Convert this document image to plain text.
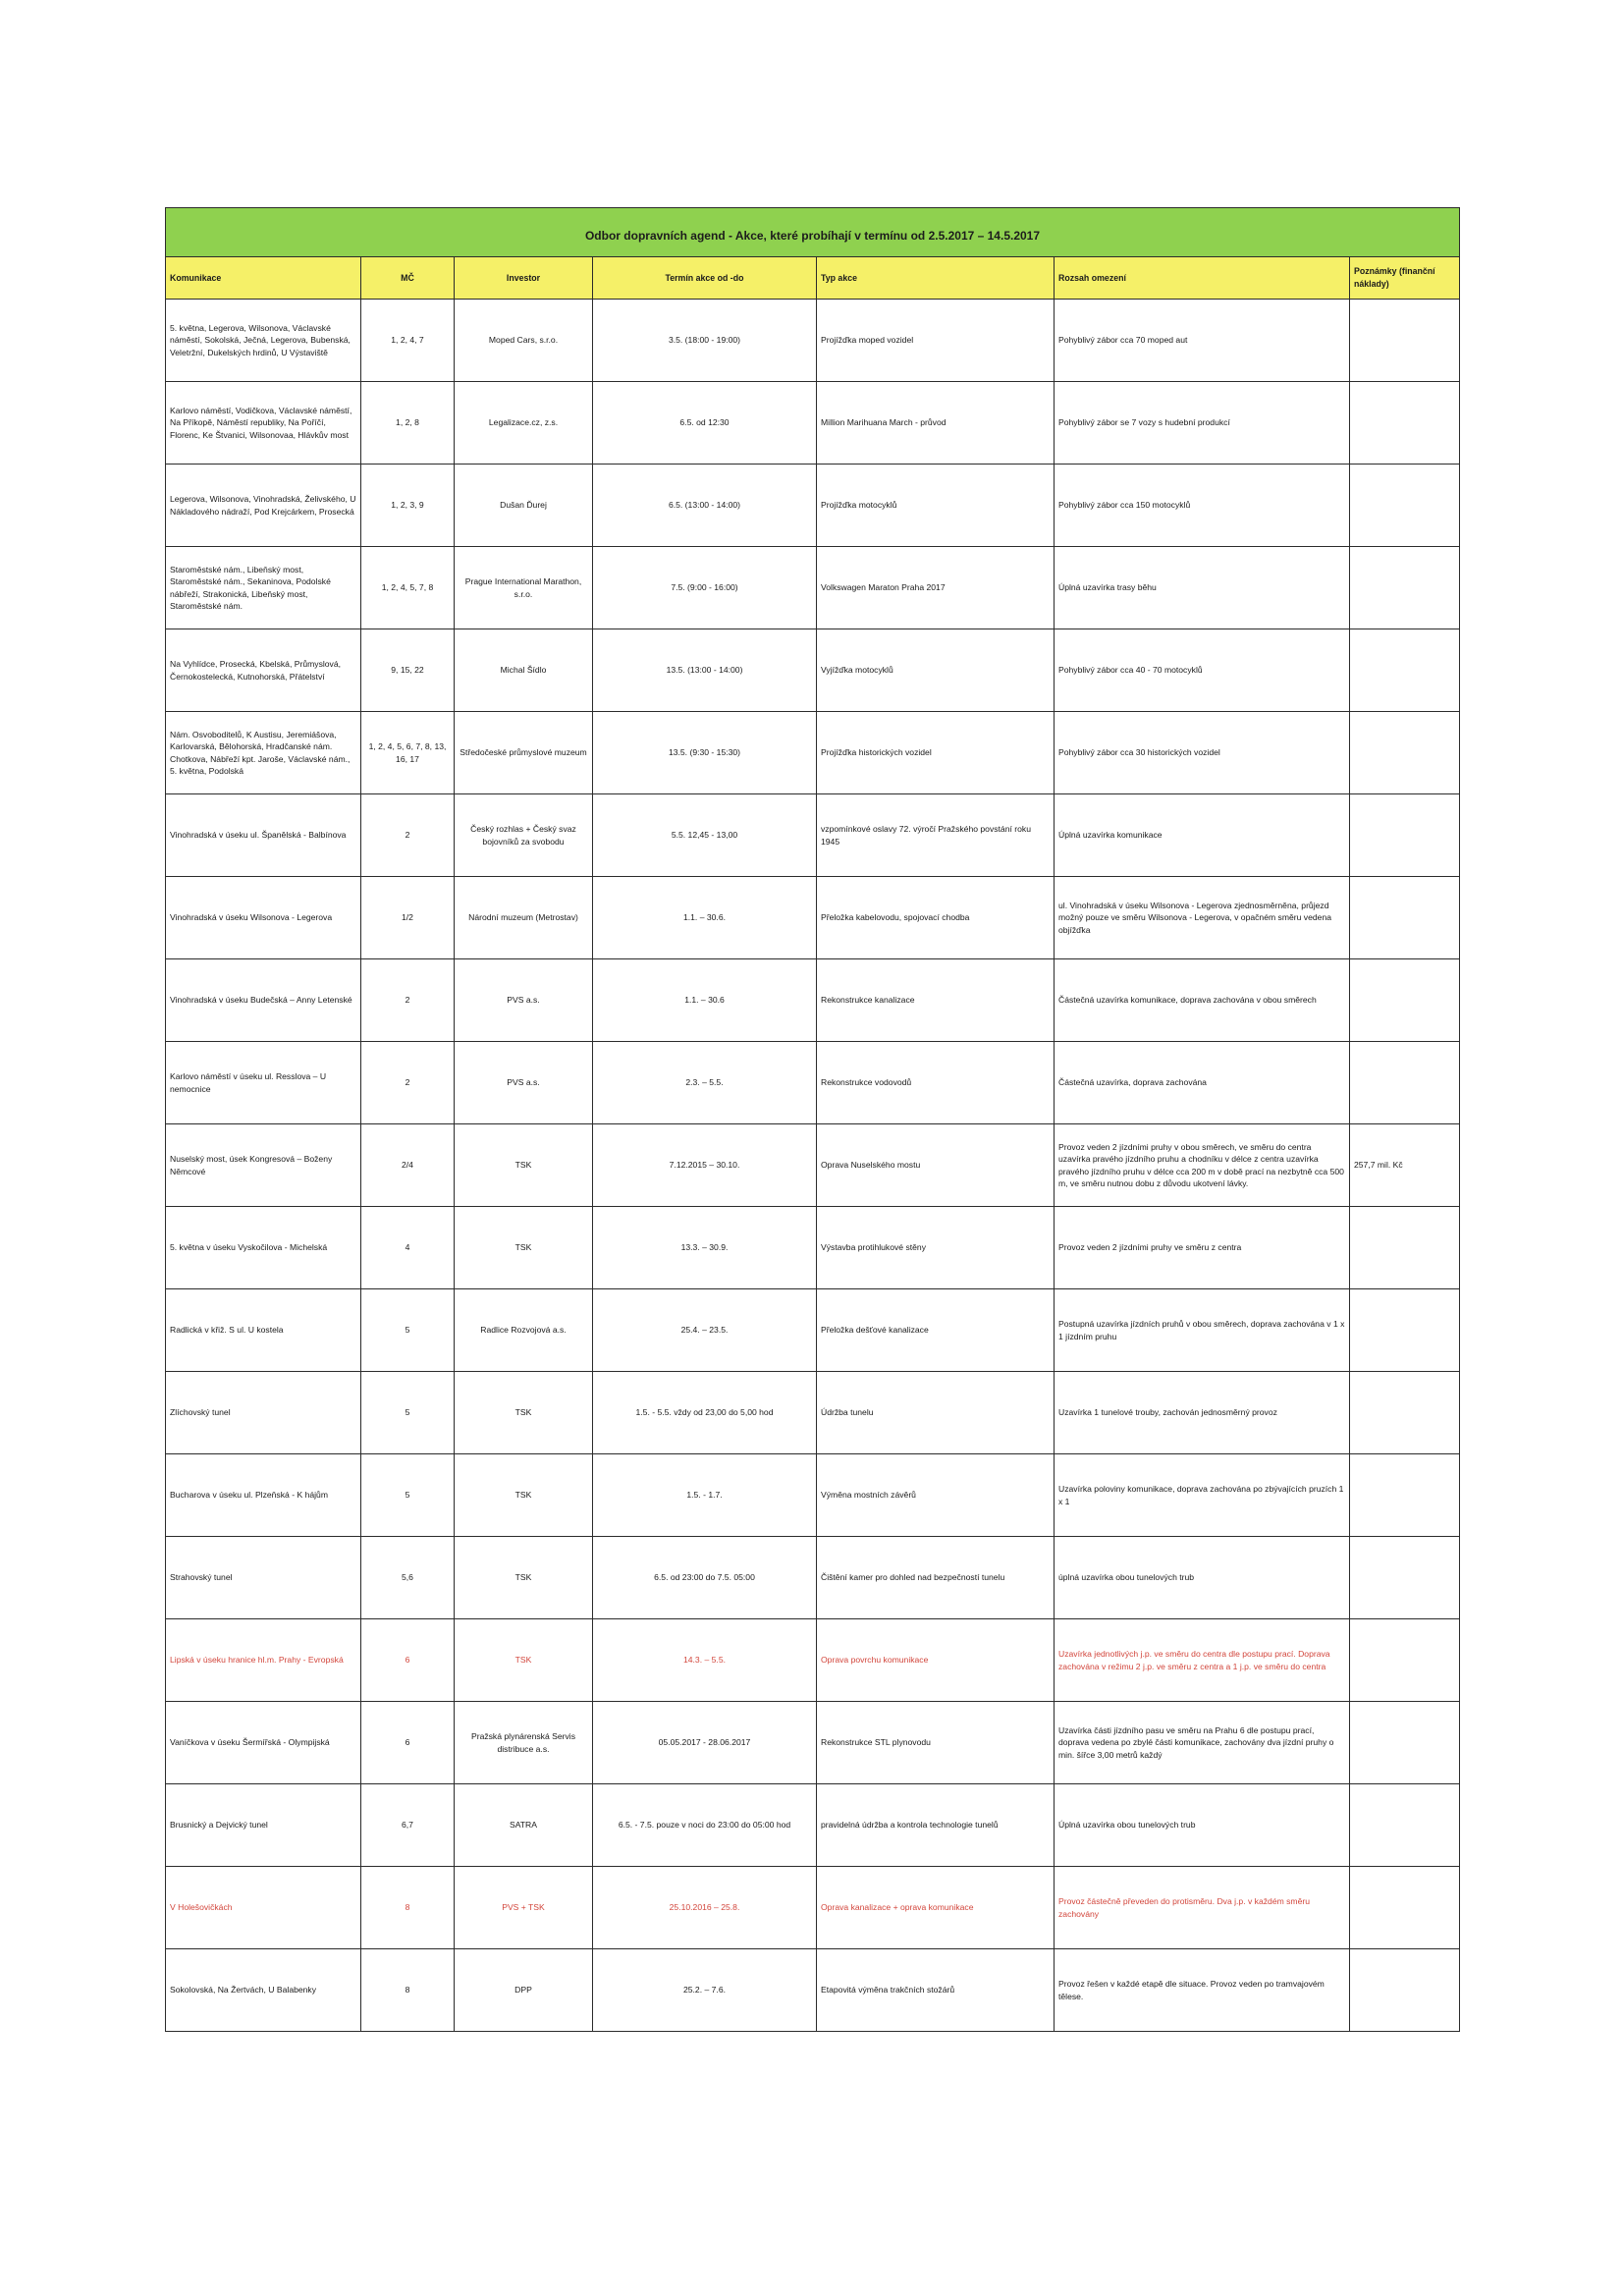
Odbor dopravních agend - Akce, které probíhají v termínu od 2.5.2017 – 14.5.2017						
Komunikace	MČ	Investor	Termín akce od -do	Typ akce	Rozsah omezení	Poznámky (finanční náklady)
5. května, Legerova, Wilsonova, Václavské náměstí, Sokolská, Ječná, Legerova, Bubenská, Veletržní, Dukelských hrdinů, U Výstaviště	1, 2, 4, 7	Moped Cars, s.r.o.	3.5. (18:00 - 19:00)	Projížďka moped vozidel	Pohyblivý zábor cca 70 moped aut	
Karlovo náměstí, Vodičkova, Václavské náměstí, Na Příkopě, Náměstí republiky, Na Poříčí, Florenc, Ke Štvanici, Wilsonovaa, Hlávkův most	1, 2, 8	Legalizace.cz, z.s.	6.5. od 12:30	Million Marihuana March - průvod	Pohyblivý zábor se 7 vozy s hudební produkcí	
Legerova, Wilsonova, Vinohradská, Želivského, U Nákladového nádraží, Pod Krejcárkem, Prosecká	1, 2, 3, 9	Dušan Ďurej	6.5. (13:00 - 14:00)	Projížďka motocyklů	Pohyblivý zábor cca 150 motocyklů	
Staroměstské nám., Libeňský most, Staroměstské nám., Sekaninova, Podolské nábřeží, Strakonická, Libeňský most, Staroměstské nám.	1, 2, 4, 5, 7, 8	Prague International Marathon, s.r.o.	7.5. (9:00 - 16:00)	Volkswagen Maraton Praha 2017	Úplná uzavírka trasy běhu	
Na Vyhlídce, Prosecká, Kbelská, Průmyslová, Černokostelecká, Kutnohorská, Přátelství	9, 15, 22	Michal Šídlo	13.5. (13:00 - 14:00)	Vyjížďka motocyklů	Pohyblivý zábor cca 40 - 70 motocyklů	
Nám. Osvoboditelů, K Austisu, Jeremiášova, Karlovarská, Bělohorská, Hradčanské nám. Chotkova, Nábřeží kpt. Jaroše, Václavské nám., 5. května, Podolská	1, 2, 4, 5, 6, 7, 8, 13, 16, 17	Středočeské průmyslové muzeum	13.5. (9:30 - 15:30)	Projížďka historických vozidel	Pohyblivý zábor cca 30 historických vozidel	
Vinohradská v úseku ul. Španělská - Balbínova	2	Český rozhlas + Český svaz bojovníků za svobodu	5.5. 12,45 - 13,00	vzpomínkové oslavy 72. výročí Pražského povstání roku 1945	Úplná uzavírka komunikace	
Vinohradská v úseku Wilsonova - Legerova	1/2	Národní muzeum (Metrostav)	1.1. – 30.6.	Přeložka kabelovodu, spojovací chodba	ul. Vinohradská v úseku Wilsonova - Legerova zjednosměrněna, průjezd možný pouze ve směru Wilsonova - Legerova, v opačném směru vedena objížďka	
Vinohradská v úseku Budečská – Anny Letenské	2	PVS a.s.	1.1. – 30.6	Rekonstrukce kanalizace	Částečná uzavírka komunikace, doprava zachována v obou směrech	
Karlovo náměstí v úseku ul. Resslova – U nemocnice	2	PVS a.s.	2.3. – 5.5.	Rekonstrukce vodovodů	Částečná uzavírka, doprava zachována	
Nuselský most, úsek Kongresová – Boženy Němcové	2/4	TSK	7.12.2015 – 30.10.	Oprava Nuselského mostu	Provoz veden 2 jízdními pruhy v obou směrech, ve směru do centra uzavírka pravého jízdního pruhu a chodníku v délce z centra uzavírka pravého jízdního pruhu v délce cca 200 m v době prací na nezbytně cca 500 m, ve směru nutnou dobu z důvodu ukotvení lávky.	257,7 mil. Kč
5. května v úseku Vyskočilova - Michelská	4	TSK	13.3. – 30.9.	Výstavba protihlukové stěny	Provoz veden 2 jízdními pruhy ve směru z centra	
Radlická v křiž. S ul. U kostela	5	Radlice Rozvojová a.s.	25.4. – 23.5.	Přeložka dešťové kanalizace	Postupná uzavírka jízdních pruhů v obou směrech, doprava zachována v 1 x 1 jízdním pruhu	
Zlíchovský tunel	5	TSK	1.5. - 5.5. vždy od 23,00 do 5,00 hod	Údržba tunelu	Uzavírka 1 tunelové trouby, zachován jednosměrný provoz	
Bucharova v úseku ul. Plzeňská - K hájům	5	TSK	1.5. - 1.7.	Výměna mostních závěrů	Uzavírka poloviny komunikace, doprava zachována po zbývajících pruzích 1 x 1	
Strahovský tunel	5,6	TSK	6.5. od 23:00 do 7.5. 05:00	Čištění kamer pro dohled nad bezpečností tunelu	úplná uzavírka obou tunelových trub	
Lipská v úseku hranice hl.m. Prahy - Evropská	6	TSK	14.3. – 5.5.	Oprava povrchu komunikace	Uzavírka jednotlivých j.p. ve směru do centra dle postupu prací. Doprava zachována v režimu 2 j.p. ve směru z centra a 1 j.p. ve směru do centra	
Vaníčkova v úseku Šermířská - Olympijská	6	Pražská plynárenská Servis distribuce a.s.	05.05.2017 - 28.06.2017	Rekonstrukce STL plynovodu	Uzavírka části jízdního pasu ve směru na Prahu 6 dle postupu prací, doprava vedena po zbylé části komunikace, zachovány dva jízdní pruhy o min. šířce 3,00 metrů každý	
Brusnický a Dejvický tunel	6,7	SATRA	6.5. - 7.5. pouze v noci do 23:00 do 05:00 hod	pravidelná údržba a kontrola technologie tunelů	Úplná uzavírka obou tunelových trub	
V Holešovičkách	8	PVS + TSK	25.10.2016 – 25.8.	Oprava kanalizace + oprava komunikace	Provoz částečně převeden do protisměru. Dva j.p. v každém směru zachovány	
Sokolovská, Na Žertvách, U Balabenky	8	DPP	25.2. – 7.6.	Etapovitá výměna trakčních stožárů	Provoz řešen v každé etapě dle situace. Provoz veden po tramvajovém tělese.	
